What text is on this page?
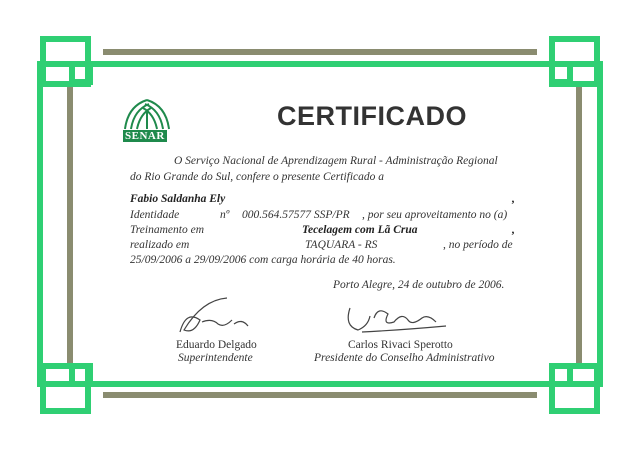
SENAR
CERTIFICADO
O Serviço Nacional de Aprendizagem Rural - Administração Regional
do Rio Grande do Sul, confere o presente Certificado a
Fabio Saldanha Ely	,
Identidade	nº 000.564.57577 SSP/PR , por seu aproveitamento no (a)
Treinamento em	Tecelagem com Lã Crua	,
realizado em	TAQUARA - RS	, no período de
25/09/2006 a 29/09/2006 com carga horária de 40 horas.
Porto Alegre, 24 de outubro de 2006.
Eduardo Delgado
Superintendente
Carlos Rivaci Sperotto
Presidente do Conselho Administrativo
